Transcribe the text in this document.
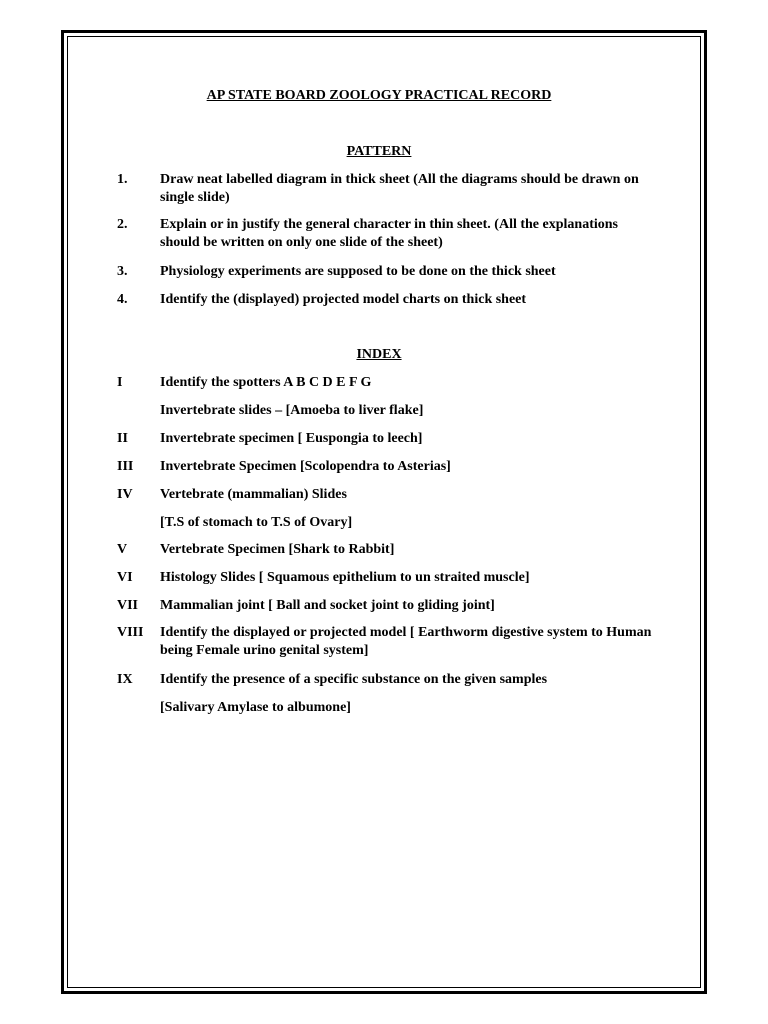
AP STATE BOARD ZOOLOGY PRACTICAL RECORD
PATTERN
1. Draw neat labelled diagram in thick sheet (All the diagrams should be drawn on single slide)
2. Explain or in justify the general character in thin sheet. (All the explanations should be written on only one slide of the sheet)
3. Physiology experiments are supposed to be done on the thick sheet
4. Identify the (displayed) projected model charts on thick sheet
INDEX
I	Identify the spotters A B C D E F G
Invertebrate slides – [Amoeba to liver flake]
II Invertebrate specimen [ Euspongia to leech]
III Invertebrate Specimen [Scolopendra to Asterias]
IV Vertebrate (mammalian) Slides
[T.S of stomach to T.S of Ovary]
V Vertebrate Specimen [Shark to Rabbit]
VI Histology Slides [ Squamous epithelium to un straited muscle]
VII Mammalian joint [ Ball and socket joint to gliding joint]
VIII Identify the displayed or projected model [ Earthworm digestive system to Human being Female urino genital system]
IX Identify the presence of a specific substance on the given samples
[Salivary Amylase to albumone]
